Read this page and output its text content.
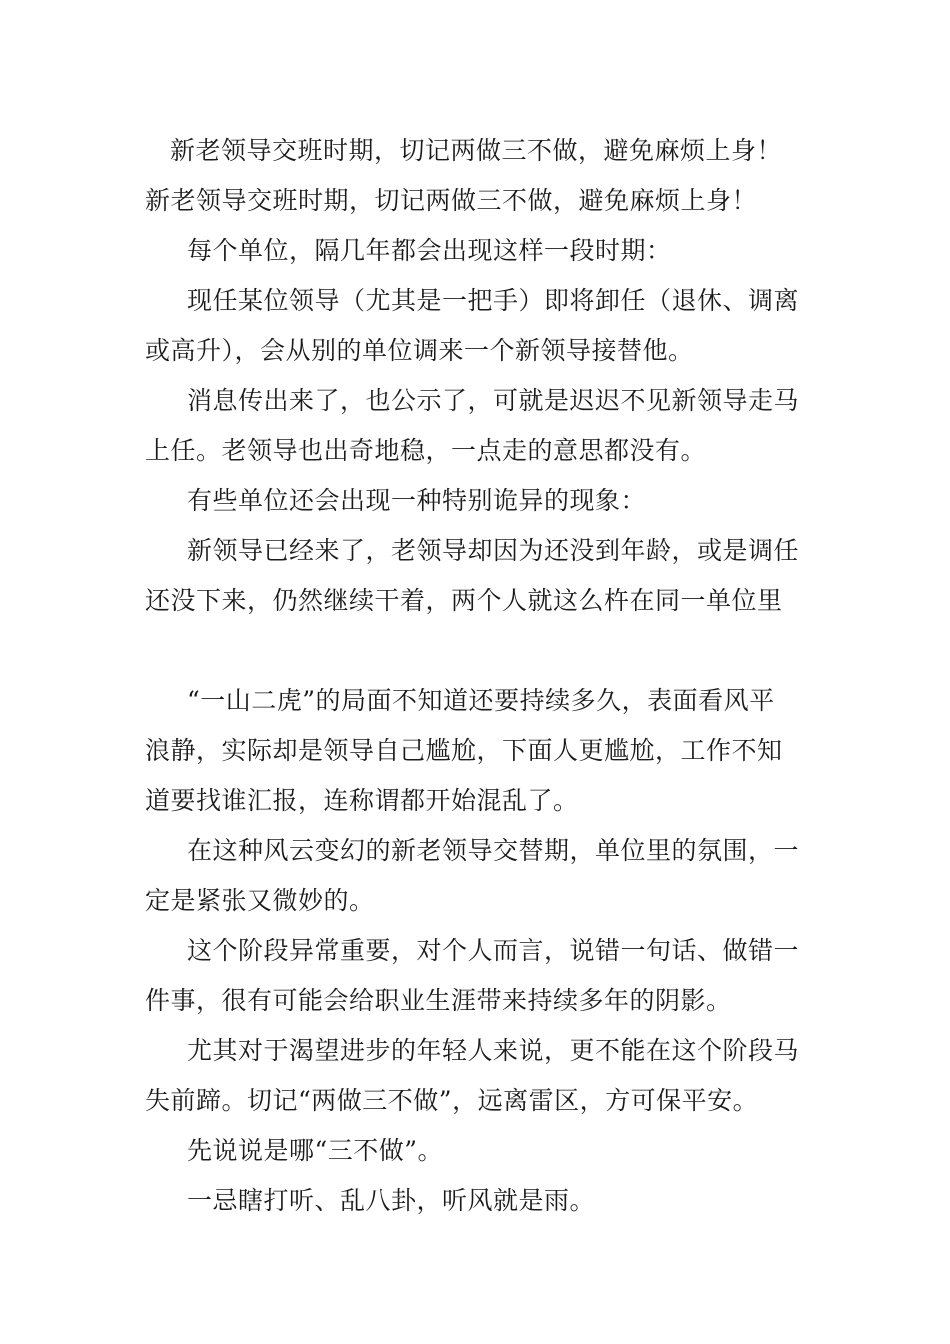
新老领导交班时期，切记两做三不做，避免麻烦上身！
新老领导交班时期，切记两做三不做，避免麻烦上身！
每个单位，隔几年都会出现这样一段时期：
现任某位领导（尤其是一把手）即将卸任（退休、调离
或高升），会从别的单位调来一个新领导接替他。
消息传出来了，也公示了，可就是迟迟不见新领导走马
上任。老领导也出奇地稳，一点走的意思都没有。
有些单位还会出现一种特别诡异的现象：
新领导已经来了，老领导却因为还没到年龄，或是调任
还没下来，仍然继续干着，两个人就这么杵在同一单位里
“一山二虎”的局面不知道还要持续多久，表面看风平
浪静，实际却是领导自己尴尬，下面人更尴尬，工作不知
道要找谁汇报，连称谓都开始混乱了。
在这种风云变幻的新老领导交替期，单位里的氛围，一
定是紧张又微妙的。
这个阶段异常重要，对个人而言，说错一句话、做错一
件事，很有可能会给职业生涯带来持续多年的阴影。
尤其对于渴望进步的年轻人来说，更不能在这个阶段马
失前蹄。切记“两做三不做”，远离雷区，方可保平安。
先说说是哪“三不做”。
一忌瞎打听、乱八卦，听风就是雨。
